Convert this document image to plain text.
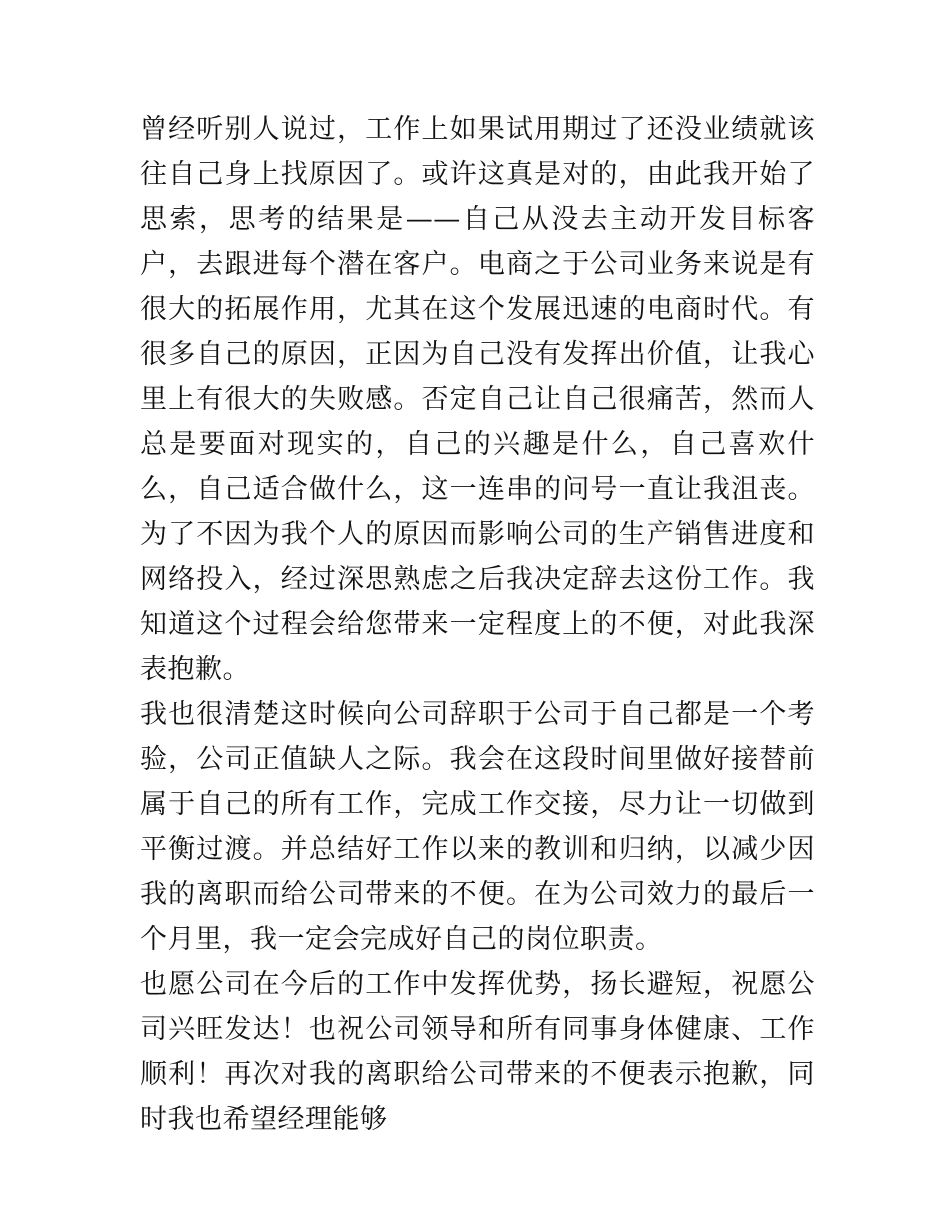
曾经听别人说过，工作上如果试用期过了还没业绩就该往自己身上找原因了。或许这真是对的，由此我开始了思索，思考的结果是——自己从没去主动开发目标客户，去跟进每个潜在客户。电商之于公司业务来说是有很大的拓展作用，尤其在这个发展迅速的电商时代。有很多自己的原因，正因为自己没有发挥出价值，让我心里上有很大的失败感。否定自己让自己很痛苦，然而人总是要面对现实的，自己的兴趣是什么，自己喜欢什么，自己适合做什么，这一连串的问号一直让我沮丧。为了不因为我个人的原因而影响公司的生产销售进度和网络投入，经过深思熟虑之后我决定辞去这份工作。我知道这个过程会给您带来一定程度上的不便，对此我深表抱歉。

我也很清楚这时候向公司辞职于公司于自己都是一个考验，公司正值缺人之际。我会在这段时间里做好接替前属于自己的所有工作，完成工作交接，尽力让一切做到平衡过渡。并总结好工作以来的教训和归纳，以减少因我的离职而给公司带来的不便。在为公司效力的最后一个月里，我一定会完成好自己的岗位职责。

也愿公司在今后的工作中发挥优势，扬长避短，祝愿公司兴旺发达！也祝公司领导和所有同事身体健康、工作顺利！再次对我的离职给公司带来的不便表示抱歉，同时我也希望经理能够
